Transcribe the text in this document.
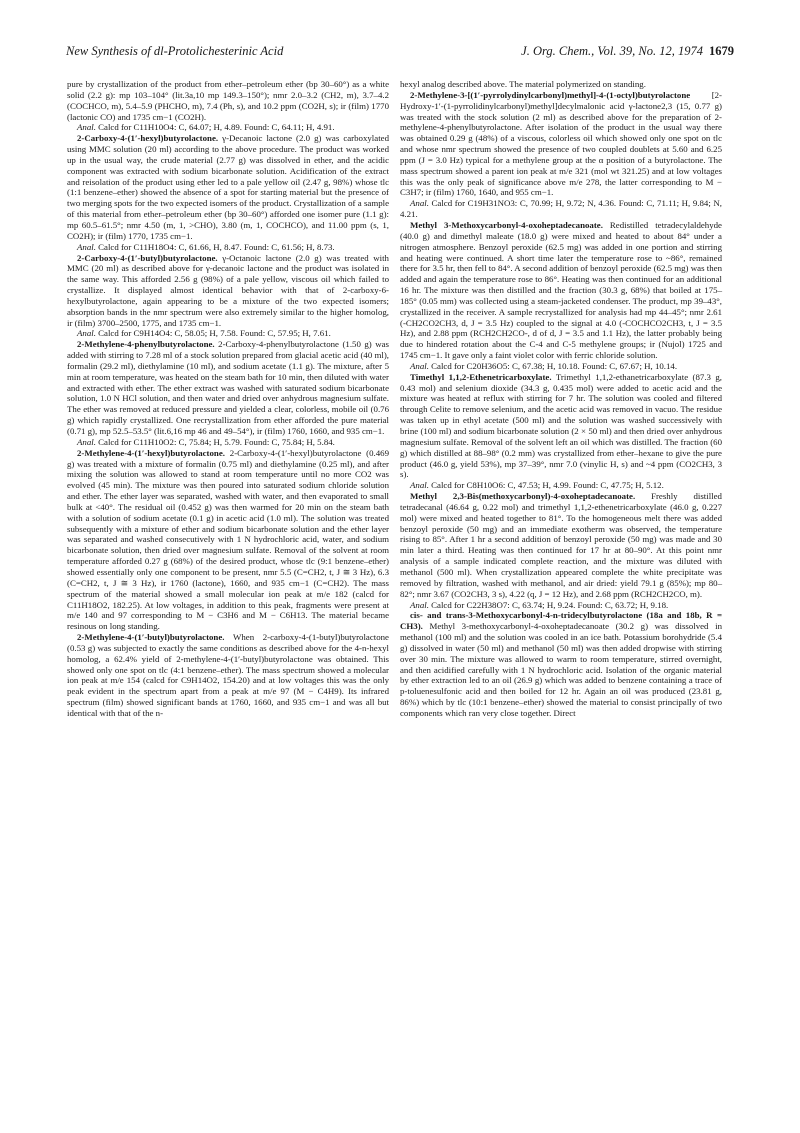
New Synthesis of dl-Protolichesterinic Acid	J. Org. Chem., Vol. 39, No. 12, 1974 1679

pure by crystallization of the product from ether–petroleum ether (bp 30–60°) as a white solid (2.2 g): mp 103–104° (lit.3a,10 mp 149.3–150°); nmr 2.0–3.2 (CH2, m), 3.7–4.2 (COCHCO, m), 5.4–5.9 (PHCHO, m), 7.4 (Ph, s), and 10.2 ppm (CO2H, s); ir (film) 1770 (lactonic CO) and 1735 cm−1 (CO2H).

Anal. Calcd for C11H10O4: C, 64.07; H, 4.89. Found: C, 64.11; H, 4.91.

2-Carboxy-4-(1′-hexyl)butyrolactone. γ-Decanoic lactone (2.0 g) was carboxylated using MMC solution (20 ml) according to the above procedure. The product was worked up in the usual way, the crude material (2.77 g) was dissolved in ether, and the acidic component was extracted with sodium bicarbonate solution. Acidification of the extract and reisolation of the product using ether led to a pale yellow oil (2.47 g, 98%) whose tlc (1:1 benzene–ether) showed the absence of a spot for starting material but the presence of two merging spots for the two expected isomers of the product. Crystallization of a sample of this material from ether–petroleum ether (bp 30–60°) afforded one isomer pure (1.1 g): mp 60.5–61.5°; nmr 4.50 (m, 1, >CHO), 3.80 (m, 1, COCHCO), and 11.00 ppm (s, 1, CO2H); ir (film) 1770, 1735 cm−1.

Anal. Calcd for C11H18O4: C, 61.66, H, 8.47. Found: C, 61.56; H, 8.73.

2-Carboxy-4-(1′-butyl)butyrolactone. γ-Octanoic lactone (2.0 g) was treated with MMC (20 ml) as described above for γ-decanoic lactone and the product was isolated in the same way. This afforded 2.56 g (98%) of a pale yellow, viscous oil which failed to crystallize. It displayed almost identical behavior with that of 2-carboxy-6-hexylbutyrolactone, again appearing to be a mixture of the two expected isomers; absorption bands in the nmr spectrum were also extremely similar to the higher homolog, ir (film) 3700–2500, 1775, and 1735 cm−1.

Anal. Calcd for C9H14O4: C, 58.05; H, 7.58. Found: C, 57.95; H, 7.61.

2-Methylene-4-phenylbutyrolactone. 2-Carboxy-4-phenylbutyrolactone (1.50 g) was added with stirring to 7.28 ml of a stock solution prepared from glacial acetic acid (40 ml), formalin (29.2 ml), diethylamine (10 ml), and sodium acetate (1.1 g). The mixture, after 5 min at room temperature, was heated on the steam bath for 10 min, then diluted with water and extracted with ether. The ether extract was washed with saturated sodium bicarbonate solution, 1.0 N HCl solution, and then water and dried over anhydrous magnesium sulfate. The ether was removed at reduced pressure and yielded a clear, colorless, mobile oil (0.76 g) which rapidly crystallized. One recrystallization from ether afforded the pure material (0.71 g), mp 52.5–53.5° (lit.6,16 mp 46 and 49–54°), ir (film) 1760, 1660, and 935 cm−1.

Anal. Calcd for C11H10O2: C, 75.84; H, 5.79. Found: C, 75.84; H, 5.84.

2-Methylene-4-(1′-hexyl)butyrolactone. 2-Carboxy-4-(1′-hexyl)butyrolactone (0.469 g) was treated with a mixture of formalin (0.75 ml) and diethylamine (0.25 ml), and after mixing the solution was allowed to stand at room temperature until no more CO2 was evolved (45 min). The mixture was then poured into saturated sodium chloride solution and ether. The ether layer was separated, washed with water, and then evaporated to small bulk at <40°. The residual oil (0.452 g) was then warmed for 20 min on the steam bath with a solution of sodium acetate (0.1 g) in acetic acid (1.0 ml). The solution was treated subsequently with a mixture of ether and sodium bicarbonate solution and the ether layer was separated and washed consecutively with 1 N hydrochloric acid, water, and sodium bicarbonate solution, then dried over magnesium sulfate. Removal of the solvent at room temperature afforded 0.27 g (68%) of the desired product, whose tlc (9:1 benzene–ether) showed essentially only one component to be present, nmr 5.5 (C=CH2, t, J ≅ 3 Hz), 6.3 (C=CH2, t, J ≅ 3 Hz), ir 1760 (lactone), 1660, and 935 cm−1 (C=CH2). The mass spectrum of the material showed a small molecular ion peak at m/e 182 (calcd for C11H18O2, 182.25). At low voltages, in addition to this peak, fragments were present at m/e 140 and 97 corresponding to M − C3H6 and M − C6H13. The material became resinous on long standing.

2-Methylene-4-(1′-butyl)butyrolactone. When 2-carboxy-4-(1-butyl)butyrolactone (0.53 g) was subjected to exactly the same conditions as described above for the 4-n-hexyl homolog, a 62.4% yield of 2-methylene-4-(1′-butyl)butyrolactone was obtained. This showed only one spot on tlc (4:1 benzene–ether). The mass spectrum showed a molecular ion peak at m/e 154 (calcd for C9H14O2, 154.20) and at low voltages this was the only peak evident in the spectrum apart from a peak at m/e 97 (M − C4H9). Its infrared spectrum (film) showed significant bands at 1760, 1660, and 935 cm−1 and was all but identical with that of the n-

hexyl analog described above. The material polymerized on standing.

2-Methylene-3-[(1′-pyrrolydinylcarbonyl)methyl]-4-(1-octyl)butyrolactone [2-Hydroxy-1′-(1-pyrrolidinylcarbonyl)methyl]decylmalonic acid γ-lactone2,3 (15, 0.77 g) was treated with the stock solution (2 ml) as described above for the preparation of 2-methylene-4-phenylbutyrolactone. After isolation of the product in the usual way there was obtained 0.29 g (48%) of a viscous, colorless oil which showed only one spot on tlc and whose nmr spectrum showed the presence of two coupled doublets at 5.60 and 6.25 ppm (J = 3.0 Hz) typical for a methylene group at the α position of a butyrolactone. The mass spectrum showed a parent ion peak at m/e 321 (mol wt 321.25) and at low voltages this was the only peak of significance above m/e 278, the latter corresponding to M − C3H7; ir (film) 1760, 1640, and 955 cm−1.

Anal. Calcd for C19H31NO3: C, 70.99; H, 9.72; N, 4.36. Found: C, 71.11; H, 9.84; N, 4.21.

Methyl 3-Methoxycarbonyl-4-oxoheptadecanoate. Redistilled tetradecylaldehyde (40.0 g) and dimethyl maleate (18.0 g) were mixed and heated to about 84° under a nitrogen atmosphere. Benzoyl peroxide (62.5 mg) was added in one portion and stirring and heating were continued. A short time later the temperature rose to ~86°, remained there for 3.5 hr, then fell to 84°. A second addition of benzoyl peroxide (62.5 mg) was then added and again the temperature rose to 86°. Heating was then continued for an additional 16 hr. The mixture was then distilled and the fraction (30.3 g, 68%) that boiled at 175–185° (0.05 mm) was collected using a steam-jacketed condenser. The product, mp 39–43°, crystallized in the receiver. A sample recrystallized for analysis had mp 44–45°; nmr 2.61 (-CH2CO2CH3, d, J = 3.5 Hz) coupled to the signal at 4.0 (-COCHCO2CH3, t, J = 3.5 Hz), and 2.88 ppm (RCH2CH2CO-, d of d, J = 3.5 and 1.1 Hz), the latter probably being due to hindered rotation about the C-4 and C-5 methylene groups; ir (Nujol) 1725 and 1745 cm−1. It gave only a faint violet color with ferric chloride solution.

Anal. Calcd for C20H36O5: C, 67.38; H, 10.18. Found: C, 67.67; H, 10.14.

Timethyl 1,1,2-Ethenetricarboxylate. Trimethyl 1,1,2-ethanetricarboxylate (87.3 g, 0.43 mol) and selenium dioxide (34.3 g, 0.435 mol) were added to acetic acid and the mixture was heated at reflux with stirring for 7 hr. The solution was cooled and filtered through Celite to remove selenium, and the acetic acid was removed in vacuo. The residue was taken up in ethyl acetate (500 ml) and the solution was washed successively with brine (100 ml) and sodium bicarbonate solution (2 × 50 ml) and then dried over anhydrous magnesium sulfate. Removal of the solvent left an oil which was distilled. The fraction (60 g) which distilled at 88–98° (0.2 mm) was crystallized from ether–hexane to give the pure product (46.0 g, yield 53%), mp 37–39°, nmr 7.0 (vinylic H, s) and ~4 ppm (CO2CH3, 3 s).

Anal. Calcd for C8H10O6: C, 47.53; H, 4.99. Found: C, 47.75; H, 5.12.

Methyl 2,3-Bis(methoxycarbonyl)-4-oxoheptadecanoate. Freshly distilled tetradecanal (46.64 g, 0.22 mol) and trimethyl 1,1,2-ethenetricarboxylate (46.0 g, 0.227 mol) were mixed and heated together to 81°. To the homogeneous melt there was added benzoyl peroxide (50 mg) and an immediate exotherm was observed, the temperature rising to 85°. After 1 hr a second addition of benzoyl peroxide (50 mg) was made and 30 min later a third. Heating was then continued for 17 hr at 80–90°. At this point nmr analysis of a sample indicated complete reaction, and the mixture was diluted with methanol (500 ml). When crystallization appeared complete the white precipitate was removed by filtration, washed with methanol, and air dried: yield 79.1 g (85%); mp 80–82°; nmr 3.67 (CO2CH3, 3 s), 4.22 (q, J = 12 Hz), and 2.68 ppm (RCH2CH2CO, m).

Anal. Calcd for C22H38O7: C, 63.74; H, 9.24. Found: C, 63.72; H, 9.18.

cis- and trans-3-Methoxycarbonyl-4-n-tridecylbutyrolactone (18a and 18b, R = CH3). Methyl 3-methoxycarbonyl-4-oxoheptadecanoate (30.2 g) was dissolved in methanol (100 ml) and the solution was cooled in an ice bath. Potassium borohydride (5.4 g) dissolved in water (50 ml) and methanol (50 ml) was then added dropwise with stirring over 30 min. The mixture was allowed to warm to room temperature, stirred overnight, and then acidified carefully with 1 N hydrochloric acid. Isolation of the organic material by ether extraction led to an oil (26.9 g) which was added to benzene containing a trace of p-toluenesulfonic acid and then boiled for 12 hr. Again an oil was produced (23.81 g, 86%) which by tlc (10:1 benzene–ether) showed the material to consist principally of two components which ran very close together. Direct
